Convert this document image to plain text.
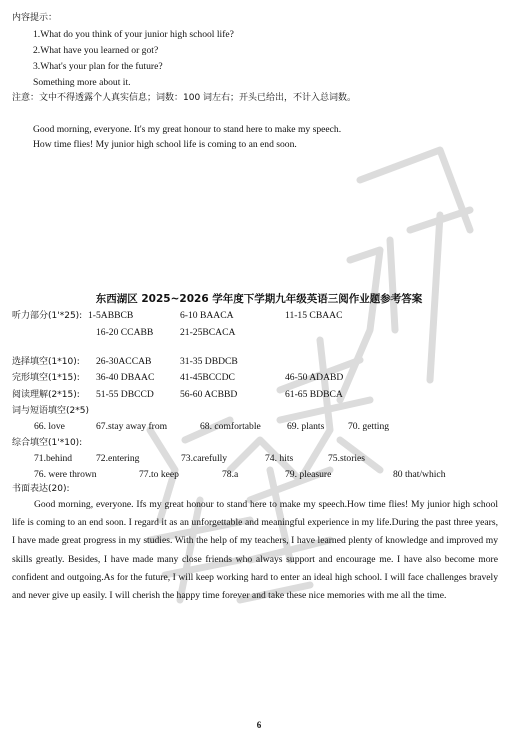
内容提示：
1.What do you think of your junior high school life?
2.What have you learned or got?
3.What's your plan for the future?
Something more about it.
注意：文中不得透露个人真实信息；词数：100 词左右；开头已给出，不计入总词数。
Good morning, everyone. It's my great honour to stand here to make my speech.
How time flies! My junior high school life is coming to an end soon.
东西湖区 2025~2026 学年度下学期九年级英语三阅作业题参考答案
听力部分(1'*25): 1-5ABBCB	6-10 BAACA	11-15 CBAAC
16-20 CCABB	21-25BCACA
选择填空(1*10): 26-30ACCAB	31-35 DBDCB
完形填空(1*15): 36-40 DBAAC	41-45BCCDC	46-50 ADABD
阅读理解(2*15): 51-55 DBCCD	56-60 ACBBD	61-65 BDBCA
词与短语填空(2*5)
66. love	67.stay away from	68. comfortable	69. plants 70. getting
综合填空(1'*10):
71.behind 72.entering	73.carefully	74. hits	75.stories
76. were thrown	77.to keep	78.a	79. pleasure	80 that/which
书面表达(20):
Good morning, everyone. Ifs my great honour to stand here to make my speech.How time flies! My junior high school life is coming to an end soon. I regard it as an unforgettable and meaningful experience in my life.During the past three years, I have made great progress in my studies. With the help of my teachers, I have learned plenty of knowledge and improved my skills greatly. Besides, I have made many close friends who always support and encourage me. I have also become more confident and outgoing.As for the future, I will keep working hard to enter an ideal high school. I will face challenges bravely and never give up easily. I will cherish the happy time forever and take these nice memories with me all the time.
6
